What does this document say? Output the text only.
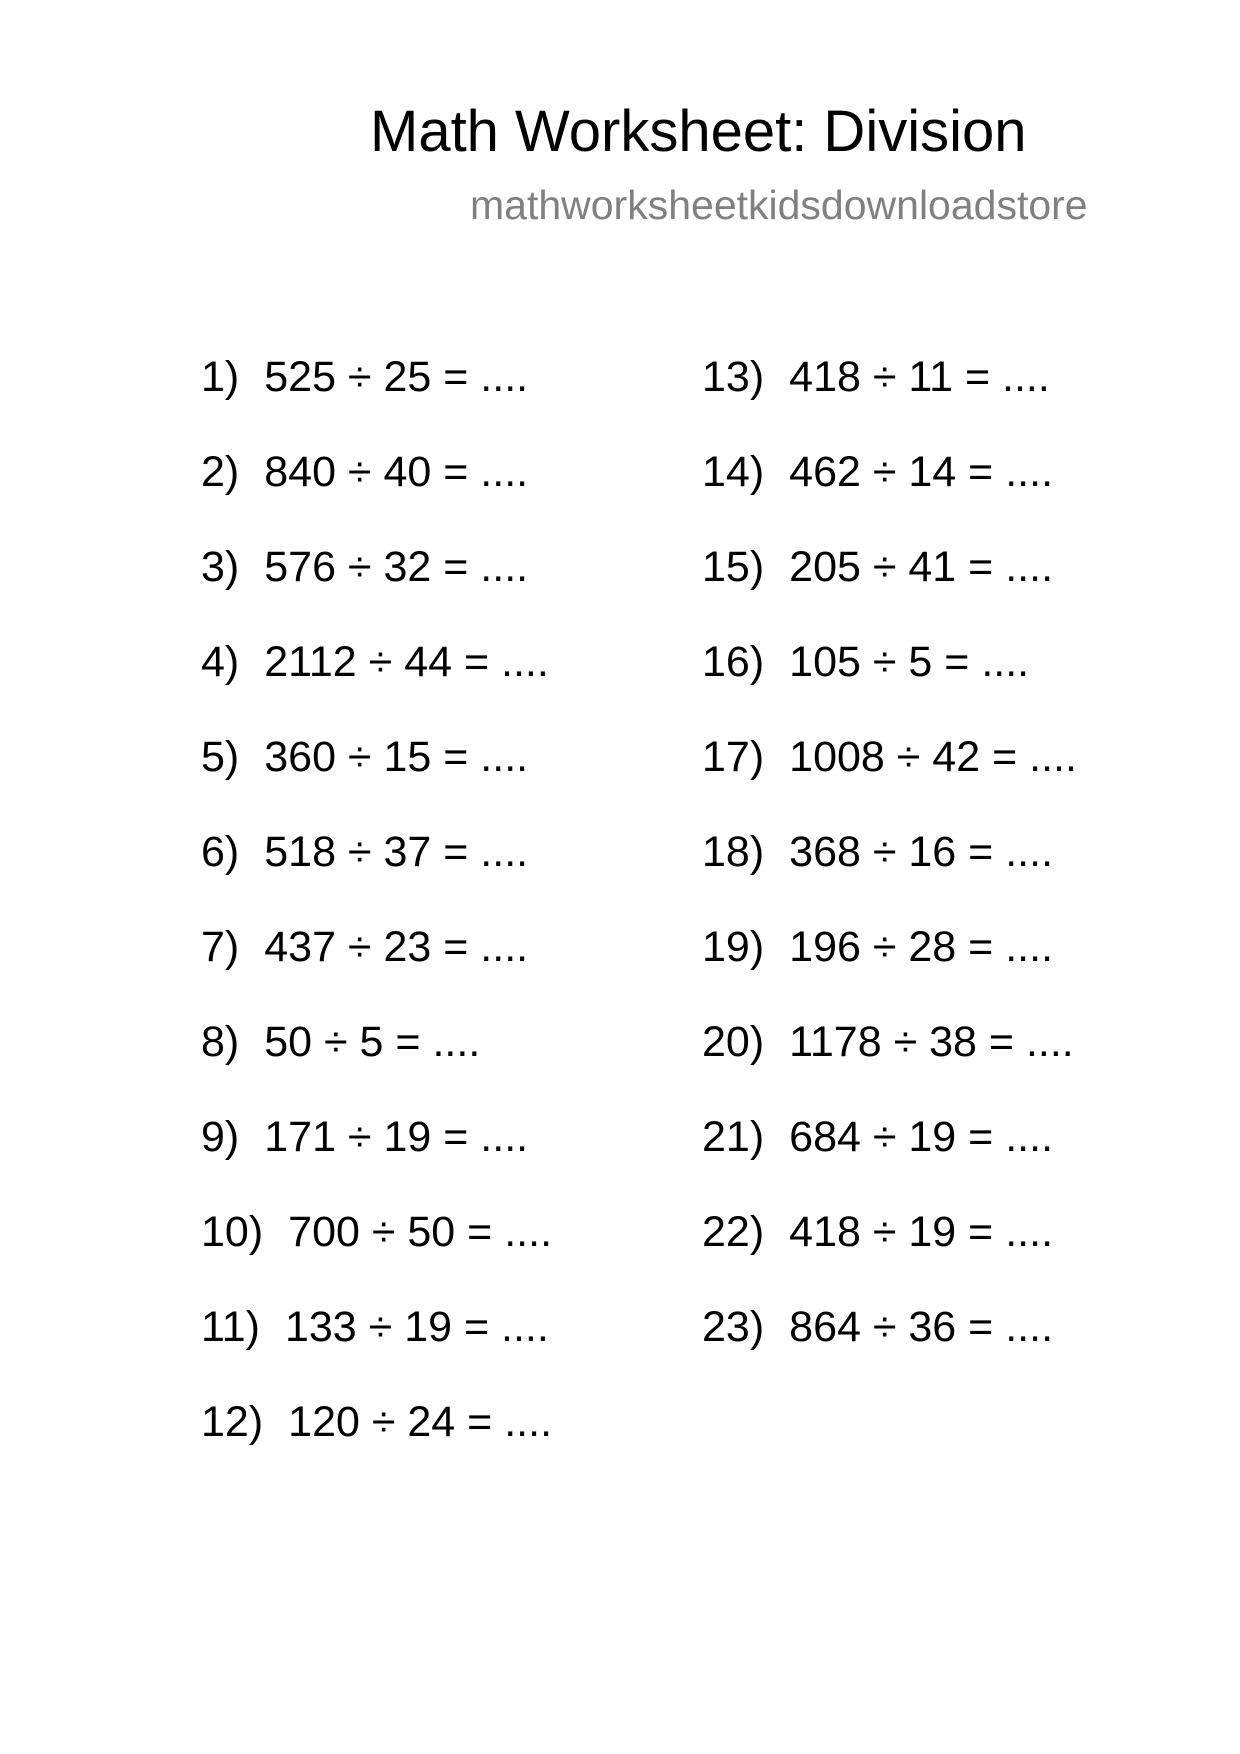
Math Worksheet: Division
mathworksheetkidsdownloadstore
1) 525 ÷ 25 = ....
2) 840 ÷ 40 = ....
3) 576 ÷ 32 = ....
4) 2112 ÷ 44 = ....
5) 360 ÷ 15 = ....
6) 518 ÷ 37 = ....
7) 437 ÷ 23 = ....
8) 50 ÷ 5 = ....
9) 171 ÷ 19 = ....
10) 700 ÷ 50 = ....
11) 133 ÷ 19 = ....
12) 120 ÷ 24 = ....
13) 418 ÷ 11 = ....
14) 462 ÷ 14 = ....
15) 205 ÷ 41 = ....
16) 105 ÷ 5 = ....
17) 1008 ÷ 42 = ....
18) 368 ÷ 16 = ....
19) 196 ÷ 28 = ....
20) 1178 ÷ 38 = ....
21) 684 ÷ 19 = ....
22) 418 ÷ 19 = ....
23) 864 ÷ 36 = ....
